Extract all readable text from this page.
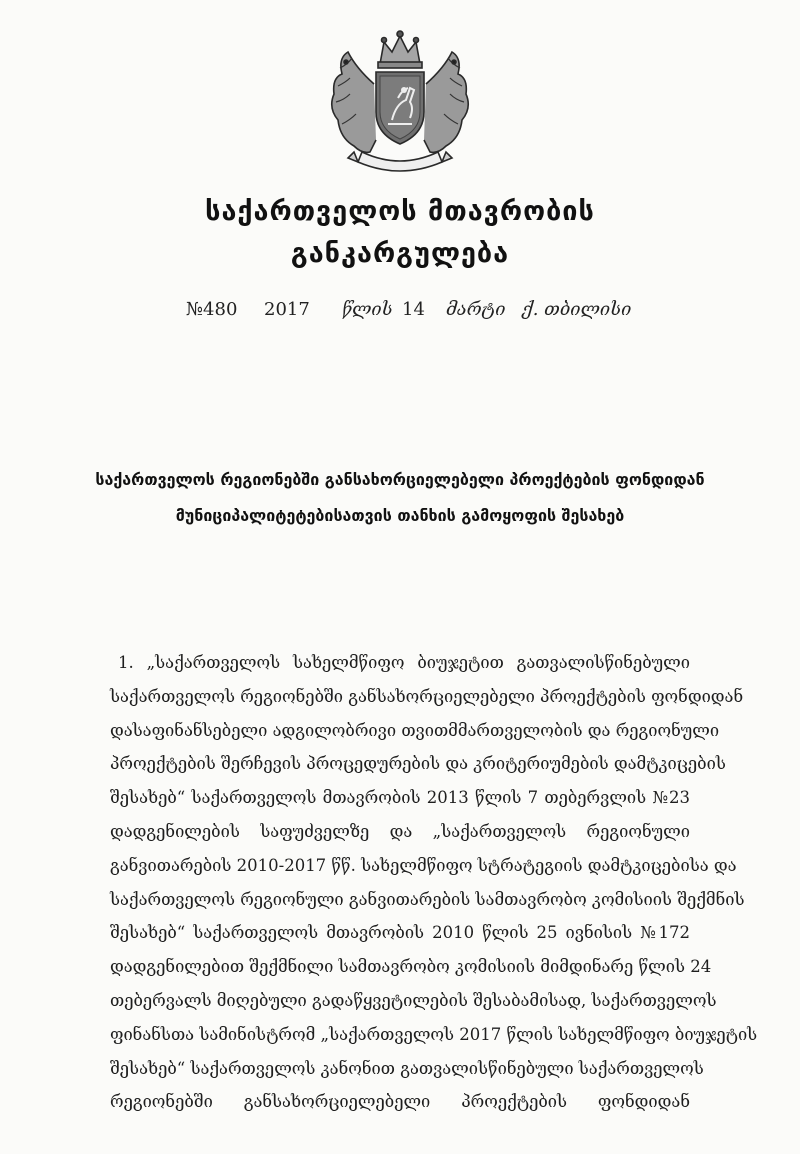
საქართველოს მთავრობის
განკარგულება
№480 2017 წლის 14 მარტი ქ. თბილისი
საქართველოს რეგიონებში განსახორციელებელი პროექტების ფონდიდან
მუნიციპალიტეტებისათვის თანხის გამოყოფის შესახებ
1. „საქართველოს სახელმწიფო ბიუჯეტით გათვალისწინებული
საქართველოს რეგიონებში განსახორციელებელი პროექტების ფონდიდან
დასაფინანსებელი ადგილობრივი თვითმმართველობის და რეგიონული
პროექტების შერჩევის პროცედურების და კრიტერიუმების დამტკიცების
შესახებ“ საქართველოს მთავრობის 2013 წლის 7 თებერვლის №23
დადგენილების საფუძველზე და „საქართველოს რეგიონული
განვითარების 2010-2017 წწ. სახელმწიფო სტრატეგიის დამტკიცებისა და
საქართველოს რეგიონული განვითარების სამთავრობო კომისიის შექმნის
შესახებ“ საქართველოს მთავრობის 2010 წლის 25 ივნისის №172
დადგენილებით შექმნილი სამთავრობო კომისიის მიმდინარე წლის 24
თებერვალს მიღებული გადაწყვეტილების შესაბამისად, საქართველოს
ფინანსთა სამინისტრომ „საქართველოს 2017 წლის სახელმწიფო ბიუჯეტის
შესახებ“ საქართველოს კანონით გათვალისწინებული საქართველოს
რეგიონებში განსახორციელებელი პროექტების ფონდიდან
